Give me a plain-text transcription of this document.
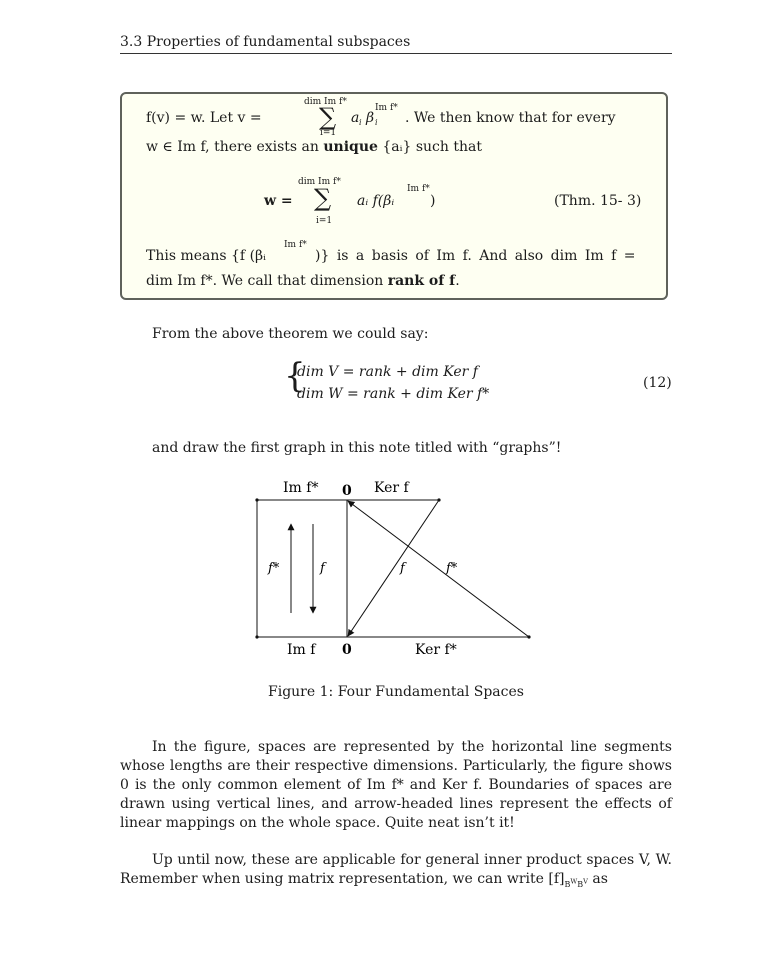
3.3 Properties of fundamental subspaces
f(v) = w. Let v =
dim Im f*
∑
i=1
a i β
Im f*
i . We then know that for every
w ∈ Im f, there exists an unique {aᵢ} such that
w =
dim Im f*
∑
i=1
aᵢ f(βᵢ
Im f*
)	(Thm. 15- 3)
This means {f (βᵢ
Im f*
)} is a basis of Im f. And also dim Im f =
dim Im f*. We call that dimension rank of f.
From the above theorem we could say:
{
dim V = rank + dim Ker f
dim W = rank + dim Ker f*
(12)
and draw the first graph in this note titled with “graphs”!
Im f* 0 Ker f
Im f 0	Ker f*
f*	f	f	f*
Figure 1: Four Fundamental Spaces
In the figure, spaces are represented by the horizontal line segments whose lengths are their respective dimensions. Particularly, the figure shows 0 is the only common element of Im f* and Ker f. Boundaries of spaces are drawn using vertical lines, and arrow-headed lines represent the effects of linear mappings on the whole space. Quite neat isn’t it!
Up until now, these are applicable for general inner product spaces V, W. Remember when using matrix representation, we can write $[f]_{B^WB^V}$ as
